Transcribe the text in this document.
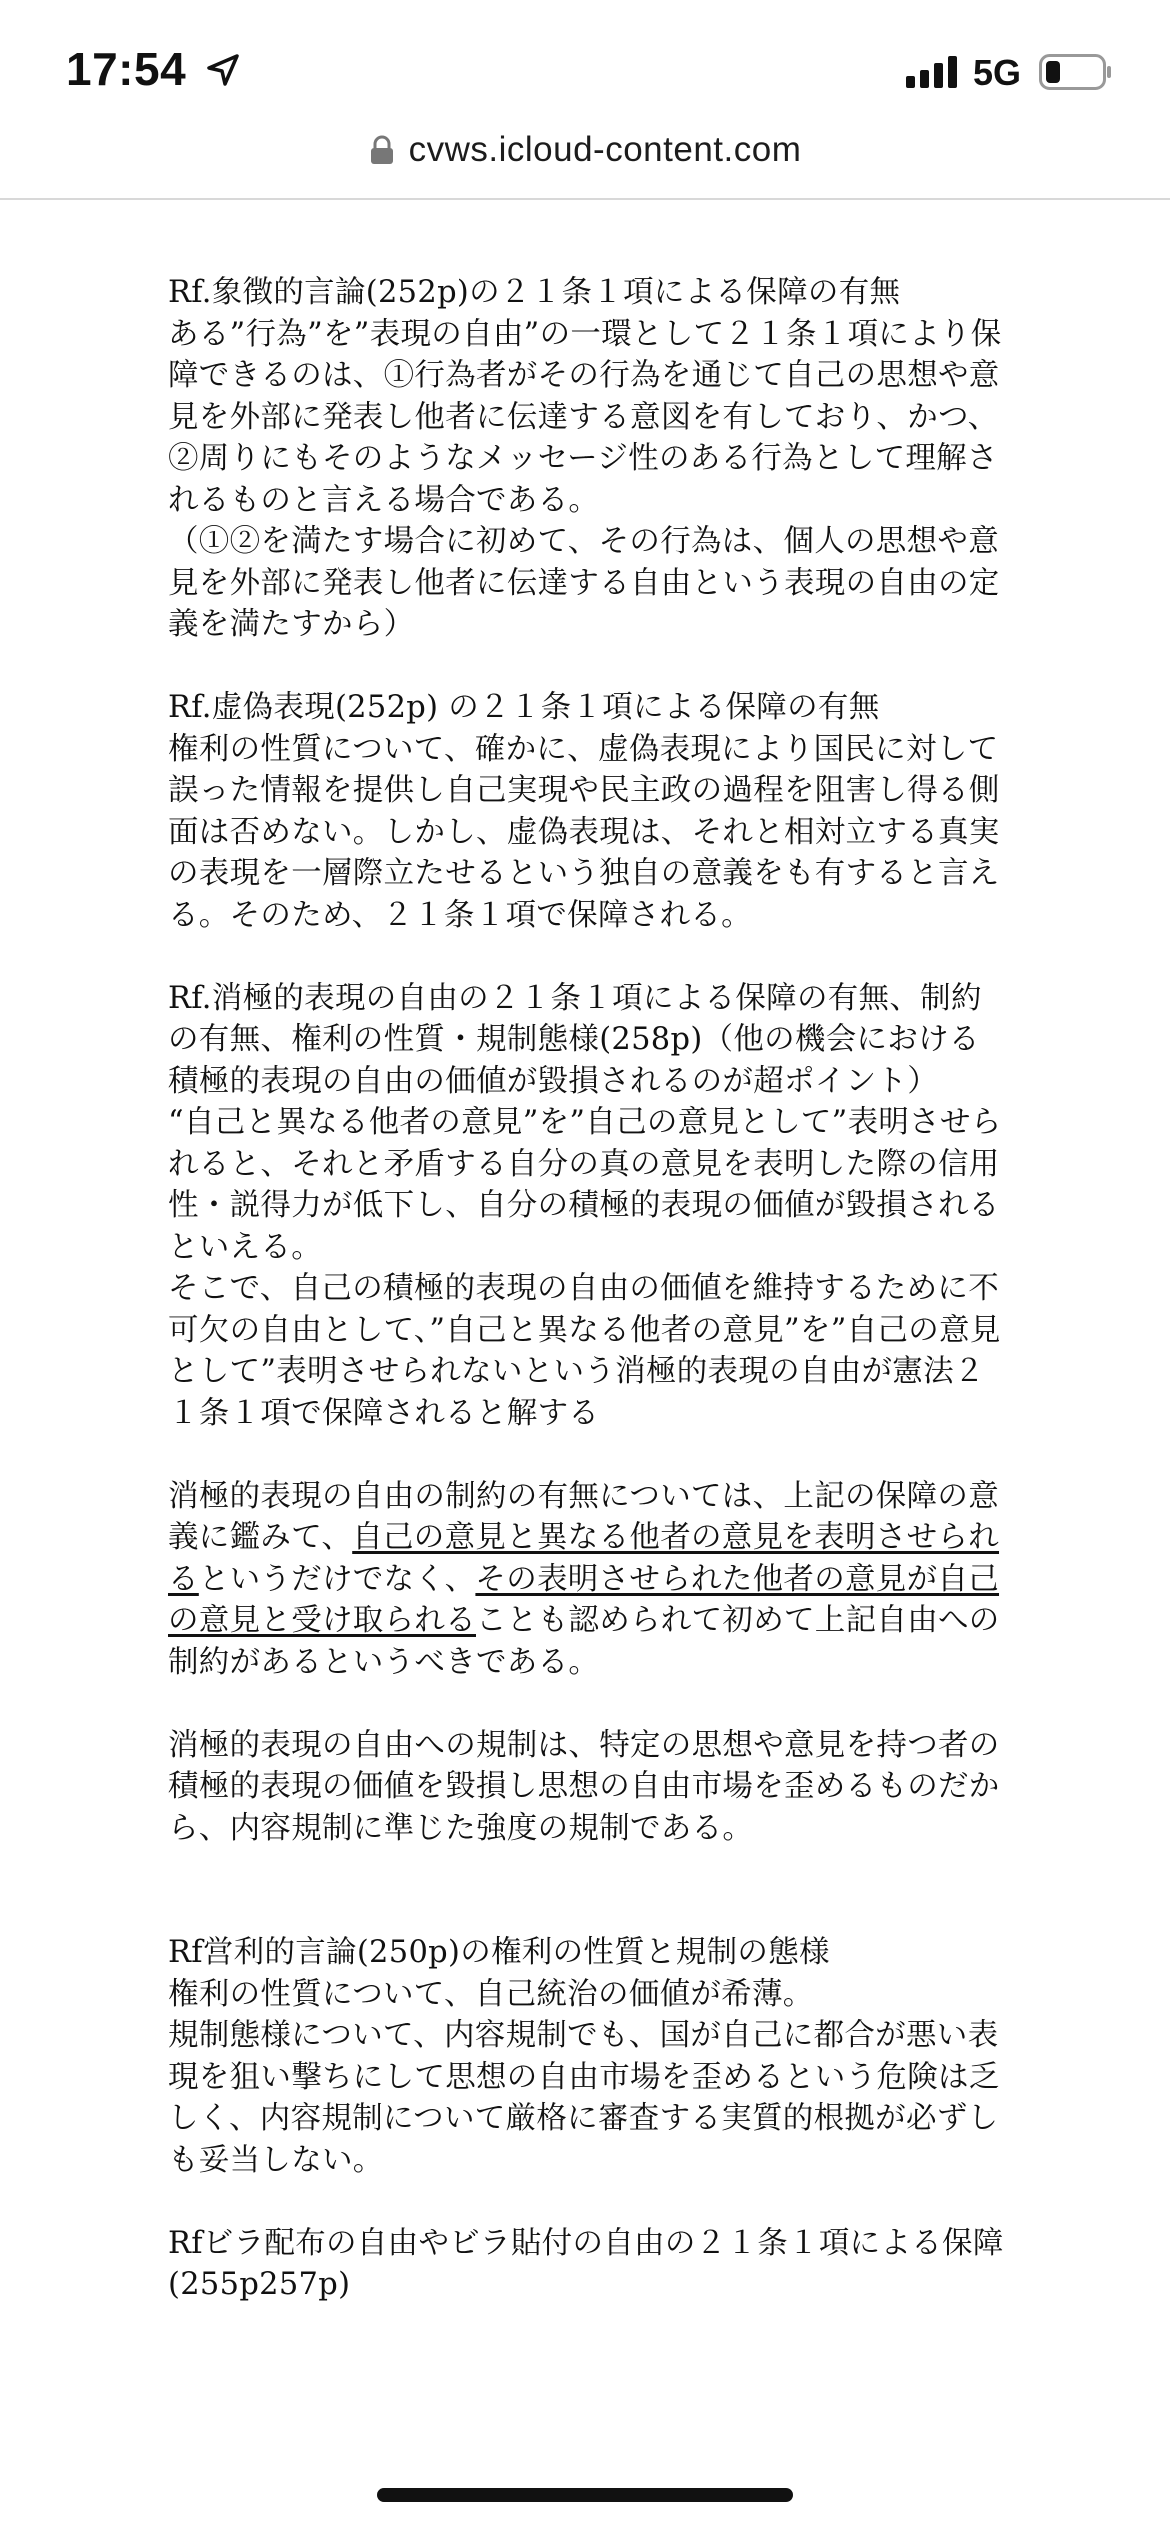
17:54	5G
cvws.icloud-content.com

Rf.象徴的言論(252p)の２１条１項による保障の有無

ある”行為”を”表現の自由”の一環として２１条１項により保障できるのは、①行為者がその行為を通じて自己の思想や意見を外部に発表し他者に伝達する意図を有しており、かつ、②周りにもそのようなメッセージ性のある行為として理解されるものと言える場合である。

（①②を満たす場合に初めて、その行為は、個人の思想や意見を外部に発表し他者に伝達する自由という表現の自由の定義を満たすから）

Rf.虚偽表現(252p) の２１条１項による保障の有無

権利の性質について、確かに、虚偽表現により国民に対して誤った情報を提供し自己実現や民主政の過程を阻害し得る側面は否めない。しかし、虚偽表現は、それと相対立する真実の表現を一層際立たせるという独自の意義をも有すると言える。そのため、２１条１項で保障される。

Rf.消極的表現の自由の２１条１項による保障の有無、制約の有無、権利の性質・規制態様(258p)（他の機会における積極的表現の自由の価値が毀損されるのが超ポイント）

“自己と異なる他者の意見”を”自己の意見として”表明させられると、それと矛盾する自分の真の意見を表明した際の信用性・説得力が低下し、自分の積極的表現の価値が毀損されるといえる。

そこで、自己の積極的表現の自由の価値を維持するために不可欠の自由として、”自己と異なる他者の意見”を”自己の意見として”表明させられないという消極的表現の自由が憲法２１条１項で保障されると解する

消極的表現の自由の制約の有無については、上記の保障の意義に鑑みて、自己の意見と異なる他者の意見を表明させられるというだけでなく、その表明させられた他者の意見が自己の意見と受け取られることも認められて初めて上記自由への制約があるというべきである。

消極的表現の自由への規制は、特定の思想や意見を持つ者の積極的表現の価値を毀損し思想の自由市場を歪めるものだから、内容規制に準じた強度の規制である。

Rf営利的言論(250p)の権利の性質と規制の態様

権利の性質について、自己統治の価値が希薄。

規制態様について、内容規制でも、国が自己に都合が悪い表現を狙い撃ちにして思想の自由市場を歪めるという危険は乏しく、内容規制について厳格に審査する実質的根拠が必ずしも妥当しない。

Rfビラ配布の自由やビラ貼付の自由の２１条１項による保障(255p257p)
